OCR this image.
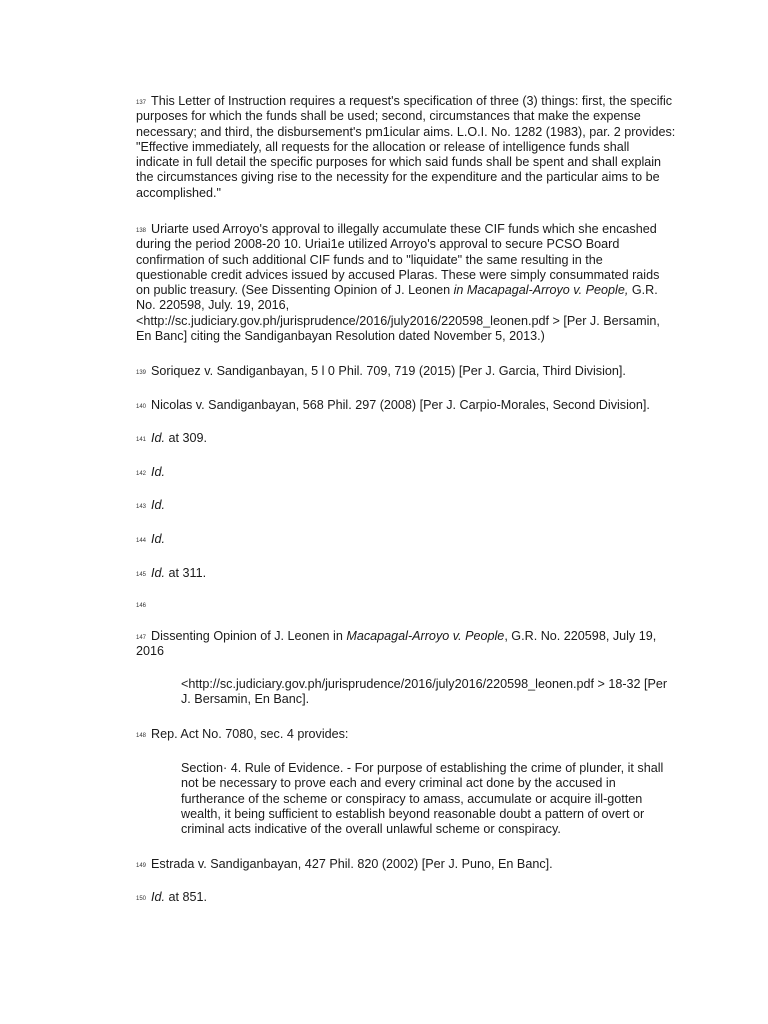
$^{137}$ This Letter of Instruction requires a request's specification of three (3) things: first, the specific purposes for which the funds shall be used; second, circumstances that make the expense necessary; and third, the disbursement's pm1icular aims. L.O.I. No. 1282 (1983), par. 2 provides: "Effective immediately, all requests for the allocation or release of intelligence funds shall indicate in full detail the specific purposes for which said funds shall be spent and shall explain the circumstances giving rise to the necessity for the expenditure and the particular aims to be accomplished."
$^{138}$ Uriarte used Arroyo's approval to illegally accumulate these CIF funds which she encashed during the period 2008-20 10. Uriai1e utilized Arroyo's approval to secure PCSO Board confirmation of such additional CIF funds and to "liquidate" the same resulting in the questionable credit advices issued by accused Plaras. These were simply consummated raids on public treasury. (See Dissenting Opinion of J. Leonen in Macapagal-Arroyo v. People, G.R. No. 220598, July. 19, 2016, <http://sc.judiciary.gov.ph/jurisprudence/2016/july2016/220598_leonen.pdf > [Per J. Bersamin, En Banc] citing the Sandiganbayan Resolution dated November 5, 2013.)
$^{139}$ Soriquez v. Sandiganbayan, 5 l 0 Phil. 709, 719 (2015) [Per J. Garcia, Third Division].
$^{140}$ Nicolas v. Sandiganbayan, 568 Phil. 297 (2008) [Per J. Carpio-Morales, Second Division].
$^{141}$ Id. at 309.
$^{142}$ Id.
$^{143}$ Id.
$^{144}$ Id.
$^{145}$ Id. at 311.
$^{146}$
$^{147}$ Dissenting Opinion of J. Leonen in Macapagal-Arroyo v. People, G.R. No. 220598, July 19, 2016
<http://sc.judiciary.gov.ph/jurisprudence/2016/july2016/220598_leonen.pdf > 18-32 [Per J. Bersamin, En Banc].
$^{148}$ Rep. Act No. 7080, sec. 4 provides:
Section· 4. Rule of Evidence. - For purpose of establishing the crime of plunder, it shall not be necessary to prove each and every criminal act done by the accused in furtherance of the scheme or conspiracy to amass, accumulate or acquire ill-gotten wealth, it being sufficient to establish beyond reasonable doubt a pattern of overt or criminal acts indicative of the overall unlawful scheme or conspiracy.
$^{149}$ Estrada v. Sandiganbayan, 427 Phil. 820 (2002) [Per J. Puno, En Banc].
$^{150}$ Id. at 851.
